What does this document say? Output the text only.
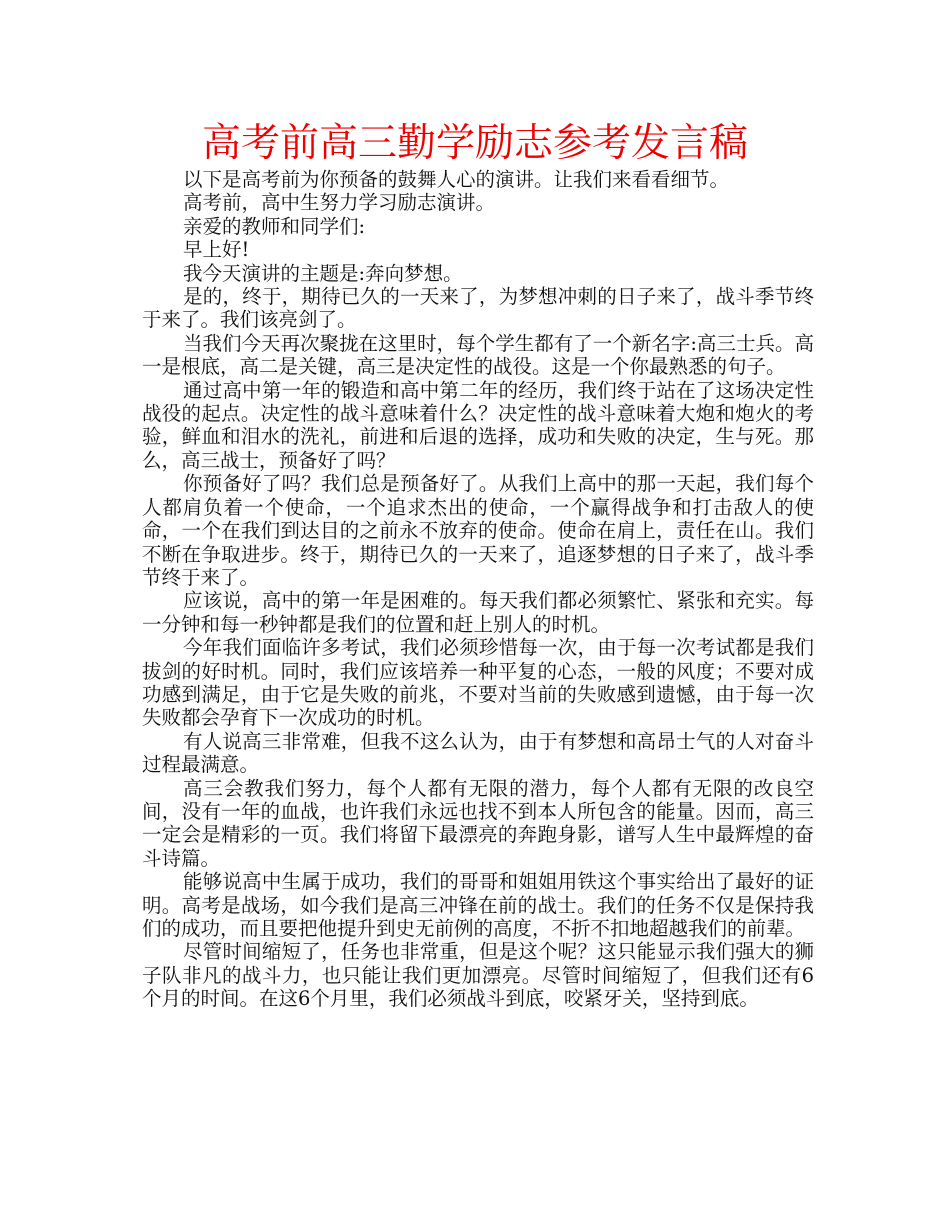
高考前高三勤学励志参考发言稿

以下是高考前为你预备的鼓舞人心的演讲。让我们来看看细节。

高考前，高中生努力学习励志演讲。

亲爱的教师和同学们:

早上好!

我今天演讲的主题是:奔向梦想。

是的，终于，期待已久的一天来了，为梦想冲刺的日子来了，战斗季节终于来了。我们该亮剑了。

当我们今天再次聚拢在这里时，每个学生都有了一个新名字:高三士兵。高一是根底，高二是关键，高三是决定性的战役。这是一个你最熟悉的句子。

通过高中第一年的锻造和高中第二年的经历，我们终于站在了这场决定性战役的起点。决定性的战斗意味着什么？决定性的战斗意味着大炮和炮火的考验，鲜血和泪水的洗礼，前进和后退的选择，成功和失败的决定，生与死。那么，高三战士，预备好了吗？

你预备好了吗？我们总是预备好了。从我们上高中的那一天起，我们每个人都肩负着一个使命，一个追求杰出的使命，一个赢得战争和打击敌人的使命，一个在我们到达目的之前永不放弃的使命。使命在肩上，责任在山。我们不断在争取进步。终于，期待已久的一天来了，追逐梦想的日子来了，战斗季节终于来了。

应该说，高中的第一年是困难的。每天我们都必须繁忙、紧张和充实。每一分钟和每一秒钟都是我们的位置和赶上别人的时机。

今年我们面临许多考试，我们必须珍惜每一次，由于每一次考试都是我们拔剑的好时机。同时，我们应该培养一种平复的心态，一般的风度；不要对成功感到满足，由于它是失败的前兆，不要对当前的失败感到遗憾，由于每一次失败都会孕育下一次成功的时机。

有人说高三非常难，但我不这么认为，由于有梦想和高昂士气的人对奋斗过程最满意。

高三会教我们努力，每个人都有无限的潜力，每个人都有无限的改良空间，没有一年的血战，也许我们永远也找不到本人所包含的能量。因而，高三一定会是精彩的一页。我们将留下最漂亮的奔跑身影，谱写人生中最辉煌的奋斗诗篇。

能够说高中生属于成功，我们的哥哥和姐姐用铁这个事实给出了最好的证明。高考是战场，如今我们是高三冲锋在前的战士。我们的任务不仅是保持我们的成功，而且要把他提升到史无前例的高度，不折不扣地超越我们的前辈。

尽管时间缩短了，任务也非常重，但是这个呢？这只能显示我们强大的狮子队非凡的战斗力，也只能让我们更加漂亮。尽管时间缩短了，但我们还有6个月的时间。在这6个月里，我们必须战斗到底，咬紧牙关，坚持到底。
